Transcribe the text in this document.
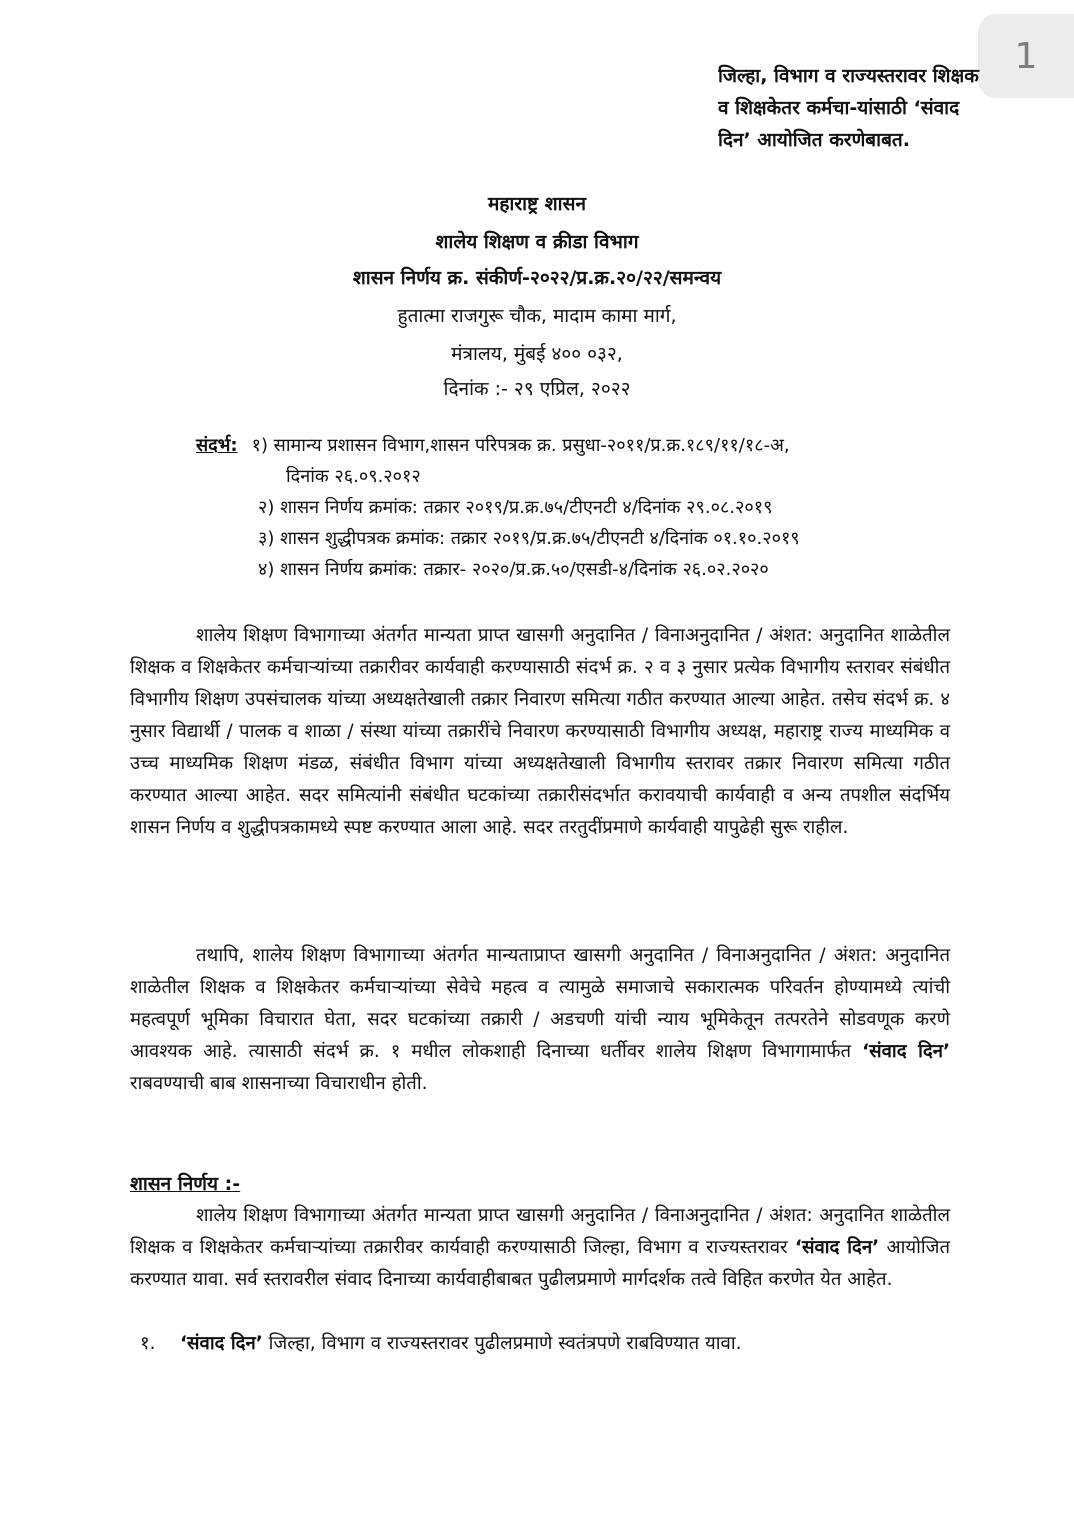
1
जिल्हा, विभाग व राज्यस्तरावर शिक्षक
व शिक्षकेतर कर्मचा-यांसाठी ‘संवाद
दिन’ आयोजित करणेबाबत.
महाराष्ट्र शासन
शालेय शिक्षण व क्रीडा विभाग
शासन निर्णय क्र. संकीर्ण-२०२२/प्र.क्र.२०/२२/समन्वय
हुतात्मा राजगुरू चौक, मादाम कामा मार्ग,
मंत्रालय, मुंबई ४०० ०३२,
दिनांक :- २९ एप्रिल, २०२२
संदर्भ: १) सामान्य प्रशासन विभाग,शासन परिपत्रक क्र. प्रसुधा-२०११/प्र.क्र.१८९/११/१८-अ,
दिनांक २६.०९.२०१२
२) शासन निर्णय क्रमांक: तक्रार २०१९/प्र.क्र.७५/टीएनटी ४/दिनांक २९.०८.२०१९
३) शासन शुद्धीपत्रक क्रमांक: तक्रार २०१९/प्र.क्र.७५/टीएनटी ४/दिनांक ०१.१०.२०१९
४) शासन निर्णय क्रमांक: तक्रार- २०२०/प्र.क्र.५०/एसडी-४/दिनांक २६.०२.२०२०
शालेय शिक्षण विभागाच्या अंतर्गत मान्यता प्राप्त खासगी अनुदानित / विनाअनुदानित / अंशत: अनुदानित शाळेतील शिक्षक व शिक्षकेतर कर्मचाऱ्यांच्या तक्रारीवर कार्यवाही करण्यासाठी संदर्भ क्र. २ व ३ नुसार प्रत्येक विभागीय स्तरावर संबंधीत विभागीय शिक्षण उपसंचालक यांच्या अध्यक्षतेखाली तक्रार निवारण समित्या गठीत करण्यात आल्या आहेत. तसेच संदर्भ क्र. ४ नुसार विद्यार्थी / पालक व शाळा / संस्था यांच्या तक्रारींचे निवारण करण्यासाठी विभागीय अध्यक्ष, महाराष्ट्र राज्य माध्यमिक व उच्च माध्यमिक शिक्षण मंडळ, संबंधीत विभाग यांच्या अध्यक्षतेखाली विभागीय स्तरावर तक्रार निवारण समित्या गठीत करण्यात आल्या आहेत. सदर समित्यांनी संबंधीत घटकांच्या तक्रारीसंदर्भात करावयाची कार्यवाही व अन्य तपशील संदर्भिय शासन निर्णय व शुद्धीपत्रकामध्ये स्पष्ट करण्यात आला आहे. सदर तरतुदींप्रमाणे कार्यवाही यापुढेही सुरू राहील.
तथापि, शालेय शिक्षण विभागाच्या अंतर्गत मान्यताप्राप्त खासगी अनुदानित / विनाअनुदानित / अंशत: अनुदानित शाळेतील शिक्षक व शिक्षकेतर कर्मचाऱ्यांच्या सेवेचे महत्व व त्यामुळे समाजाचे सकारात्मक परिवर्तन होण्यामध्ये त्यांची महत्वपूर्ण भूमिका विचारात घेता, सदर घटकांच्या तक्रारी / अडचणी यांची न्याय भूमिकेतून तत्परतेने सोडवणूक करणे आवश्यक आहे. त्यासाठी संदर्भ क्र. १ मधील लोकशाही दिनाच्या धर्तीवर शालेय शिक्षण विभागामार्फत ‘संवाद दिन’ राबवण्याची बाब शासनाच्या विचाराधीन होती.
शासन निर्णय :-
शालेय शिक्षण विभागाच्या अंतर्गत मान्यता प्राप्त खासगी अनुदानित / विनाअनुदानित / अंशत: अनुदानित शाळेतील शिक्षक व शिक्षकेतर कर्मचाऱ्यांच्या तक्रारीवर कार्यवाही करण्यासाठी जिल्हा, विभाग व राज्यस्तरावर ‘संवाद दिन’ आयोजित करण्यात यावा. सर्व स्तरावरील संवाद दिनाच्या कार्यवाहीबाबत पुढीलप्रमाणे मार्गदर्शक तत्वे विहित करणेत येत आहेत.
१. ‘संवाद दिन’ जिल्हा, विभाग व राज्यस्तरावर पुढीलप्रमाणे स्वतंत्रपणे राबविण्यात यावा.
